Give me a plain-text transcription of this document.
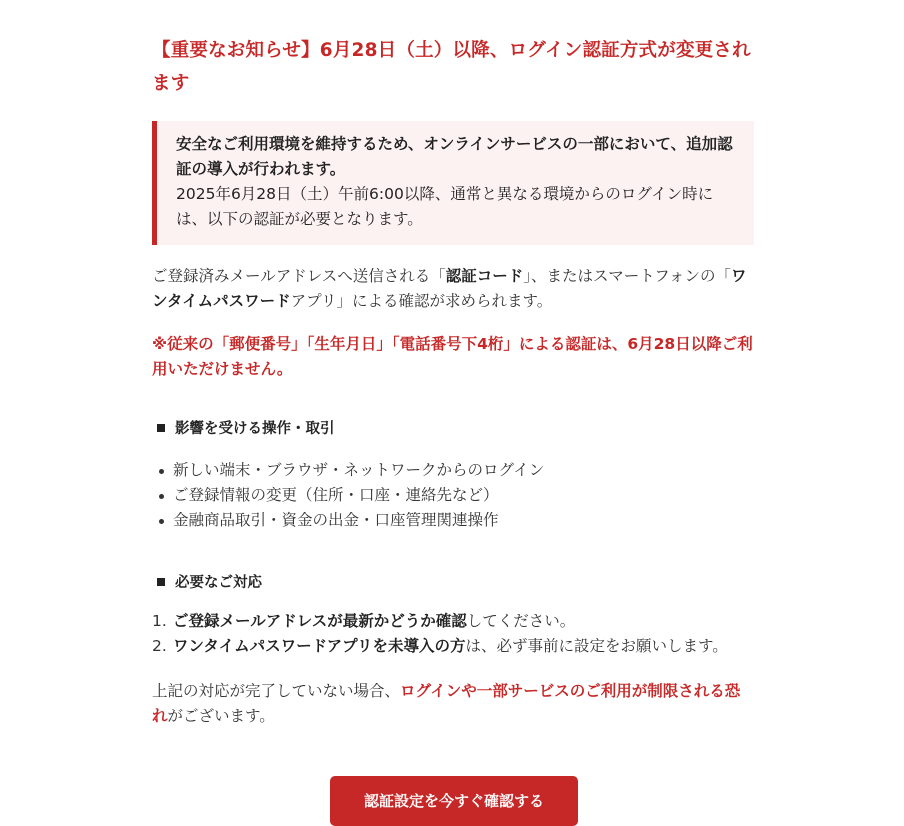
【重要なお知らせ】6月28日（土）以降、ログイン認証方式が変更されます
安全なご利用環境を維持するため、オンラインサービスの一部において、追加認証の導入が行われます。
2025年6月28日（土）午前6:00以降、通常と異なる環境からのログイン時には、以下の認証が必要となります。
ご登録済みメールアドレスへ送信される「認証コード」、またはスマートフォンの「ワンタイムパスワードアプリ」による確認が求められます。
※従来の「郵便番号」「生年月日」「電話番号下4桁」による認証は、6月28日以降ご利用いただけません。
影響を受ける操作・取引
新しい端末・ブラウザ・ネットワークからのログイン
ご登録情報の変更（住所・口座・連絡先など）
金融商品取引・資金の出金・口座管理関連操作
必要なご対応
1. ご登録メールアドレスが最新かどうか確認してください。
2. ワンタイムパスワードアプリを未導入の方は、必ず事前に設定をお願いします。
上記の対応が完了していない場合、ログインや一部サービスのご利用が制限される恐れがございます。
認証設定を今すぐ確認する
